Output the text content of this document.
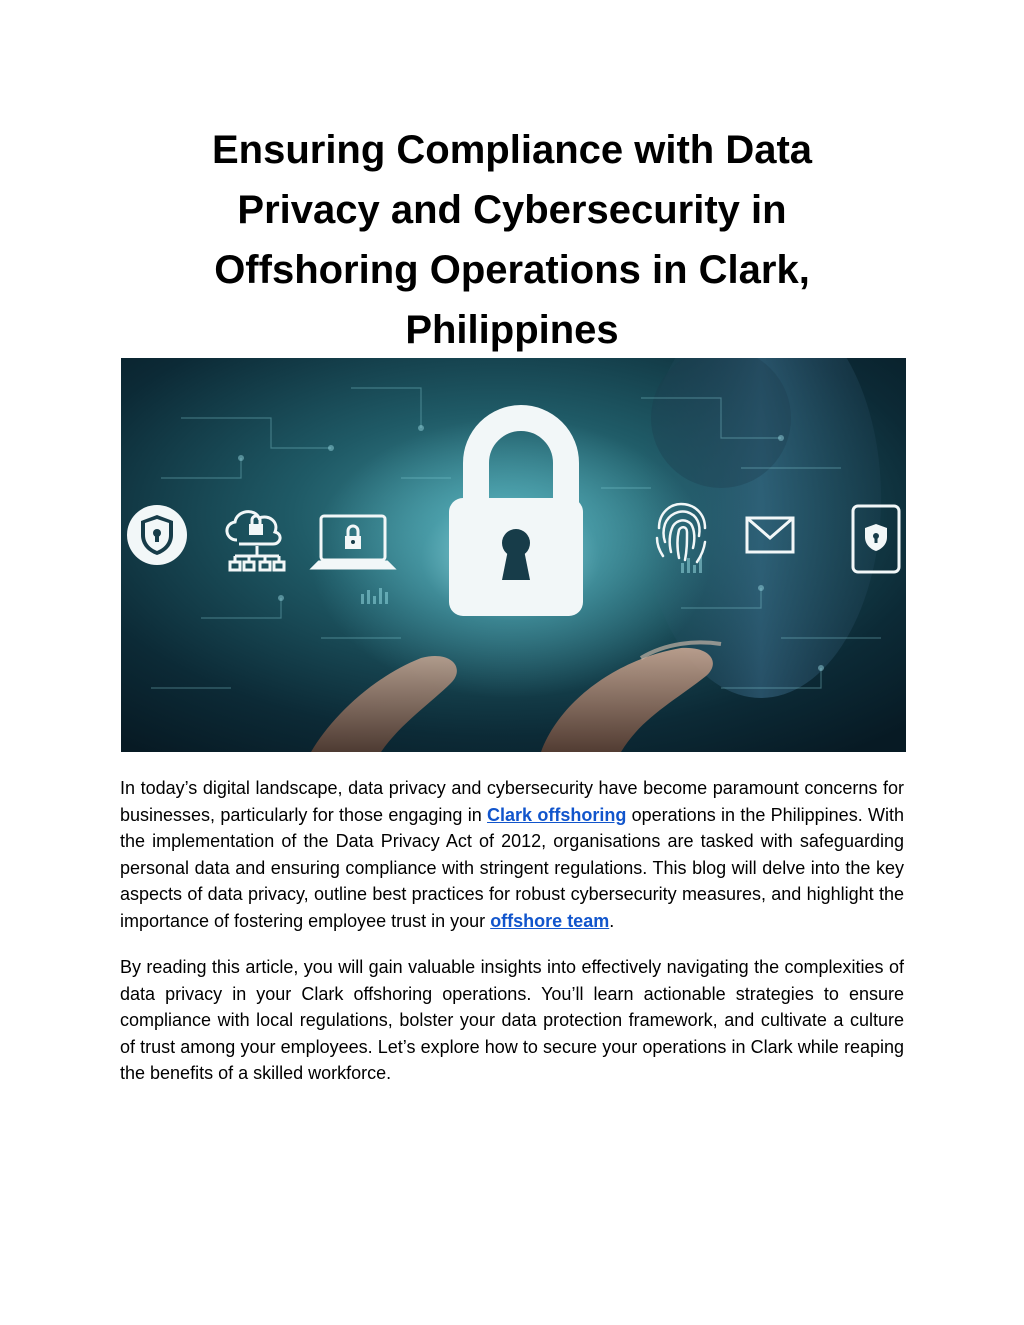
Ensuring Compliance with Data
Privacy and Cybersecurity in
Offshoring Operations in Clark,
Philippines

In today’s digital landscape, data privacy and cybersecurity have become paramount concerns for businesses, particularly for those engaging in Clark offshoring operations in the Philippines. With the implementation of the Data Privacy Act of 2012, organisations are tasked with safeguarding personal data and ensuring compliance with stringent regulations. This blog will delve into the key aspects of data privacy, outline best practices for robust cybersecurity measures, and highlight the importance of fostering employee trust in your offshore team.

By reading this article, you will gain valuable insights into effectively navigating the complexities of data privacy in your Clark offshoring operations. You’ll learn actionable strategies to ensure compliance with local regulations, bolster your data protection framework, and cultivate a culture of trust among your employees. Let’s explore how to secure your operations in Clark while reaping the benefits of a skilled workforce.
